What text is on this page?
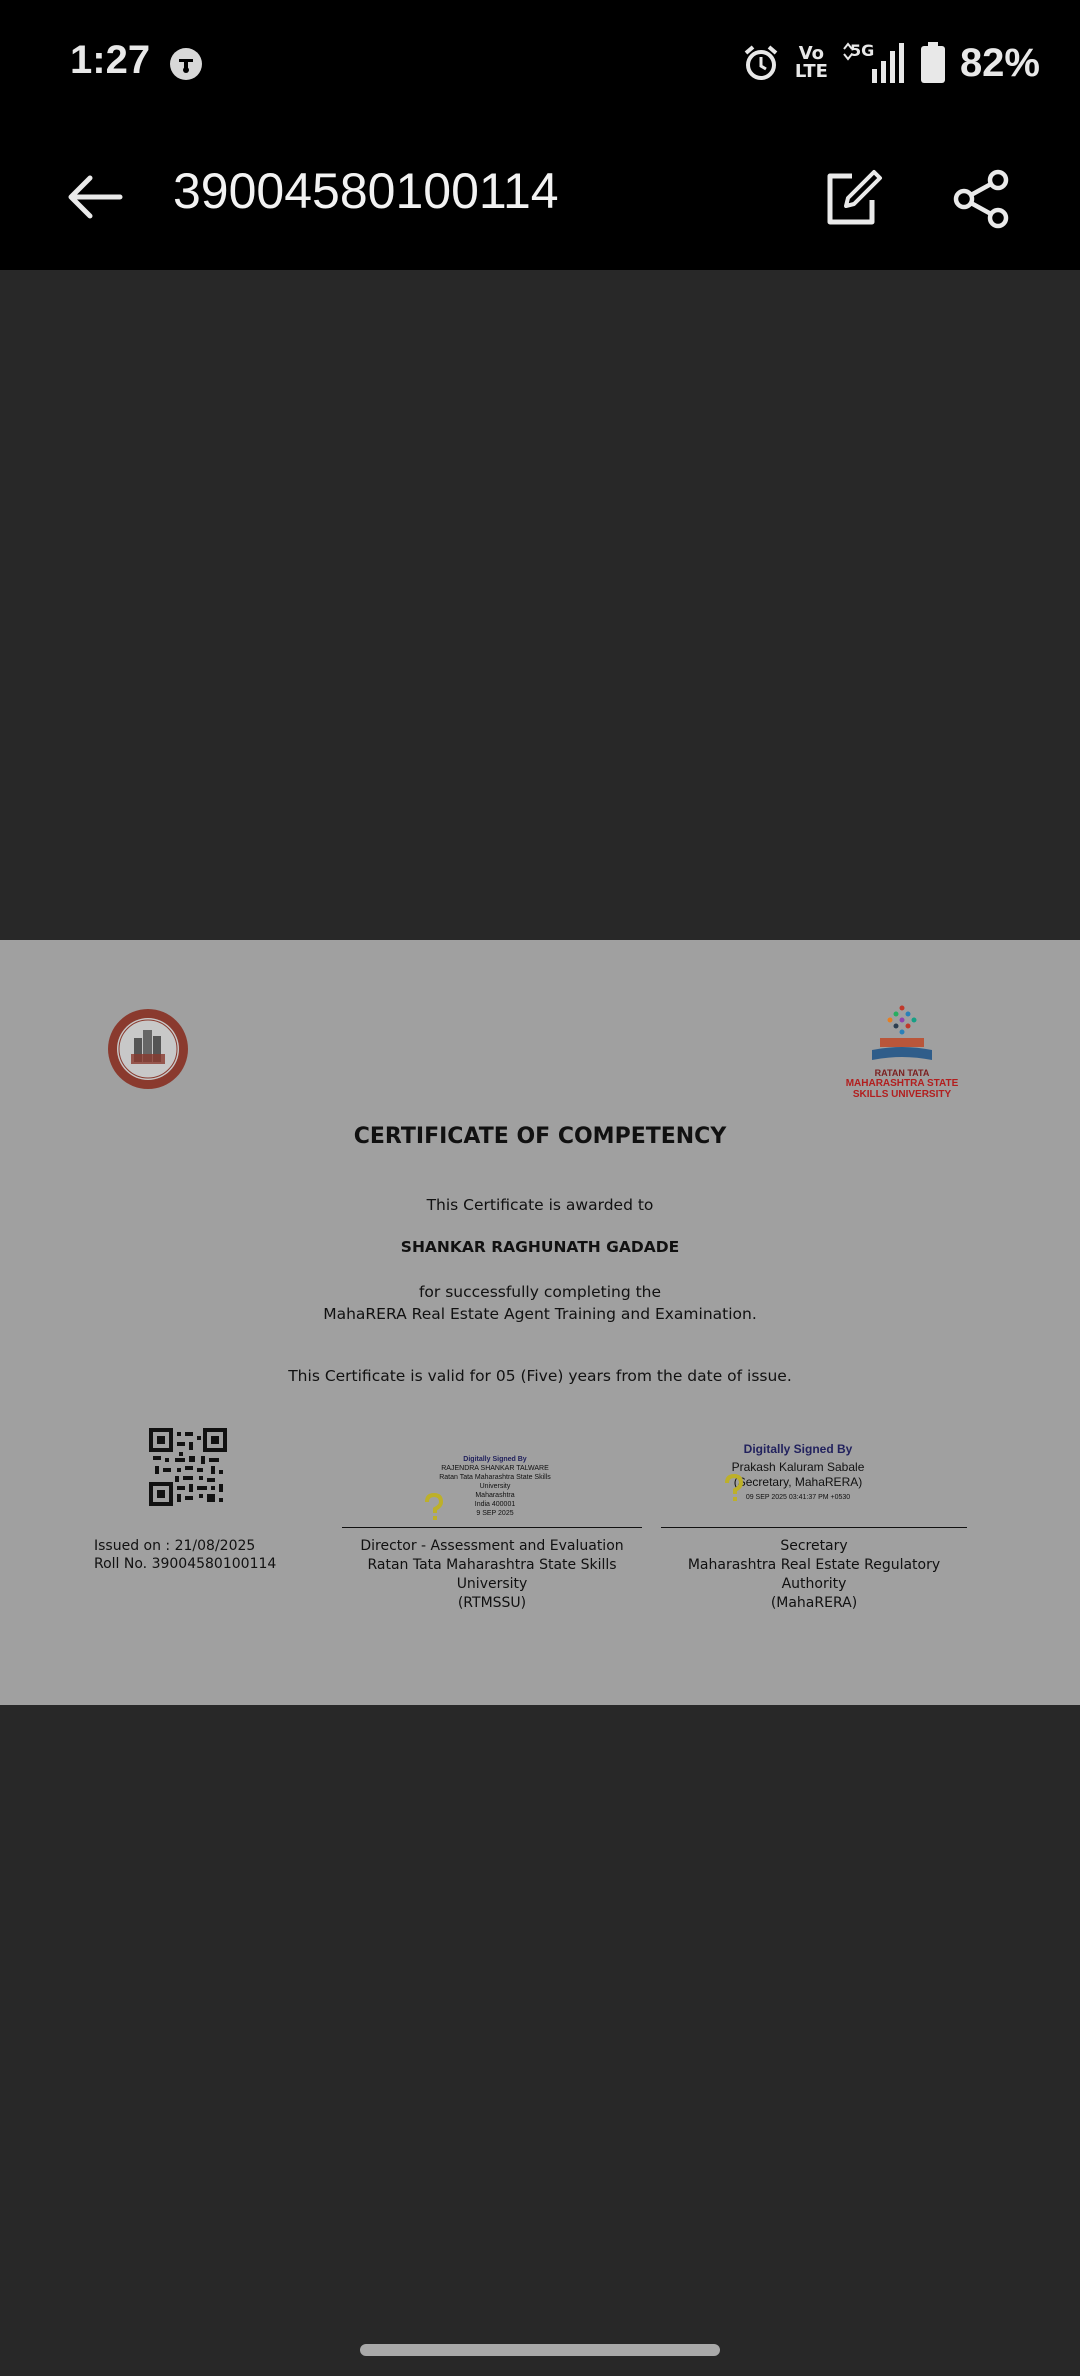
1:27	Vo
LTE
5G 82%
39004580100114
RATAN TATA
MAHARASHTRA STATE SKILLS UNIVERSITY
CERTIFICATE OF COMPETENCY
This Certificate is awarded to
SHANKAR RAGHUNATH GADADE
for successfully completing the
MahaRERA Real Estate Agent Training and Examination.
This Certificate is valid for 05 (Five) years from the date of issue.
Issued on : 21/08/2025
Roll No. 39004580100114
Digitally Signed By
RAJENDRA SHANKAR TALWARE
Ratan Tata Maharashtra State Skills
University
Maharashtra
India 400001
9 SEP 2025
Director - Assessment and Evaluation
Ratan Tata Maharashtra State Skills University
(RTMSSU)
Digitally Signed By
Prakash Kaluram Sabale
(Secretary, MahaRERA)
09 SEP 2025 03:41:37 PM +0530
Secretary
Maharashtra Real Estate Regulatory Authority
(MahaRERA)
